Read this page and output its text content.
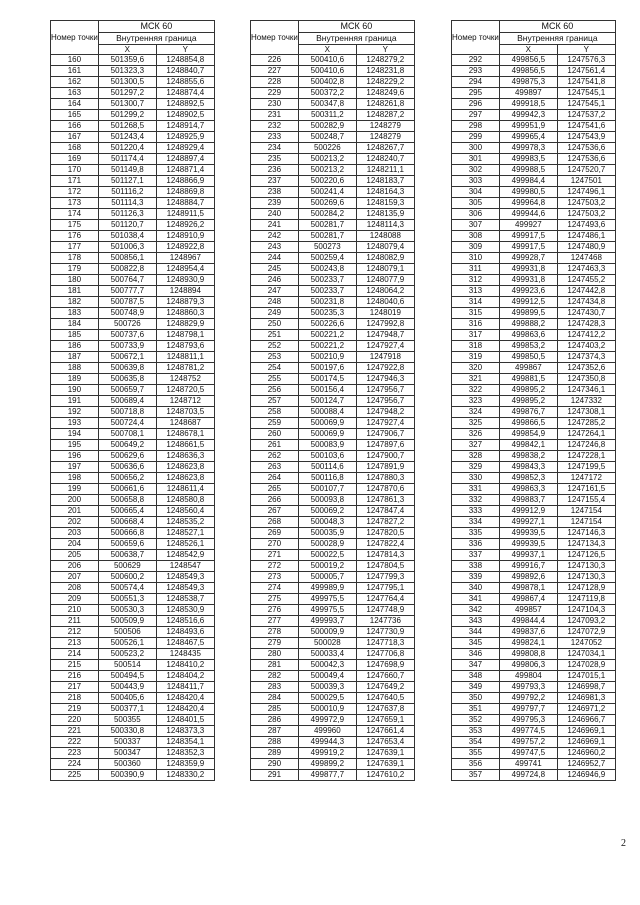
Номер точки	МСК 60	
	Внутренняя граница	
	X	Y
160	501359,6	1248854,8
161	501323,3	1248840,7
162	501300,5	1248855,6
163	501297,2	1248874,4
164	501300,7	1248892,5
165	501299,2	1248902,5
166	501268,5	1248914,7
167	501243,4	1248925,9
168	501220,4	1248929,4
169	501174,4	1248897,4
170	501149,8	1248871,4
171	501127,1	1248866,9
172	501116,2	1248869,8
173	501114,3	1248884,7
174	501126,3	1248911,5
175	501120,7	1248926,2
176	501038,4	1248910,9
177	501006,3	1248922,8
178	500856,1	1248967
179	500822,8	1248954,4
180	500764,7	1248930,9
181	500777,7	1248894
182	500787,5	1248879,3
183	500748,9	1248860,3
184	500726	1248829,9
185	500737,6	1248798,1
186	500733,9	1248793,6
187	500672,1	1248811,1
188	500639,8	1248781,2
189	500635,8	1248752
190	500659,7	1248720,5
191	500689,4	1248712
192	500718,8	1248703,5
193	500724,4	1248687
194	500708,1	1248678,1
195	500649,2	1248661,5
196	500629,6	1248636,3
197	500636,6	1248623,8
198	500656,2	1248623,8
199	500661,6	1248611,4
200	500658,8	1248580,8
201	500665,4	1248560,4
202	500668,4	1248535,2
203	500666,8	1248527,1
204	500659,6	1248526,1
205	500638,7	1248542,9
206	500629	1248547
207	500600,2	1248549,3
208	500574,4	1248549,3
209	500551,3	1248538,7
210	500530,3	1248530,9
211	500509,9	1248516,6
212	500506	1248493,6
213	500526,1	1248467,5
214	500523,2	1248435
215	500514	1248410,2
216	500494,5	1248404,2
217	500443,9	1248411,7
218	500405,6	1248420,4
219	500377,1	1248420,4
220	500355	1248401,5
221	500330,8	1248373,3
222	500337	1248354,1
223	500347	1248352,3
224	500360	1248359,9
225	500390,9	1248330,2
Номер точки	МСК 60	
	Внутренняя граница	
	X	Y
226	500410,6	1248279,2
227	500410,6	1248231,8
228	500402,8	1248229,2
229	500372,2	1248249,6
230	500347,8	1248261,8
231	500311,2	1248287,2
232	500282,9	1248279
233	500248,7	1248279
234	500226	1248267,7
235	500213,2	1248240,7
236	500213,2	1248211,1
237	500220,6	1248183,7
238	500241,4	1248164,3
239	500269,6	1248159,3
240	500284,2	1248135,9
241	500281,7	1248114,3
242	500281,7	1248088
243	500273	1248079,4
244	500259,4	1248082,9
245	500243,8	1248079,1
246	500233,7	1248077,9
247	500233,7	1248064,2
248	500231,8	1248040,6
249	500235,3	1248019
250	500226,6	1247992,8
251	500221,2	1247948,7
252	500221,2	1247927,4
253	500210,9	1247918
254	500197,6	1247922,8
255	500174,5	1247946,3
256	500156,4	1247956,7
257	500124,7	1247956,7
258	500088,4	1247948,2
259	500069,9	1247927,4
260	500069,9	1247906,7
261	500083,9	1247897,6
262	500103,6	1247900,7
263	500114,6	1247891,9
264	500116,8	1247880,3
265	500107,7	1247870,6
266	500093,8	1247861,3
267	500069,2	1247847,4
268	500048,3	1247827,2
269	500035,9	1247820,5
270	500028,9	1247822,4
271	500022,5	1247814,3
272	500019,2	1247804,5
273	500005,7	1247799,3
274	499989,9	1247795,1
275	499975,5	1247764,4
276	499975,5	1247748,9
277	499993,7	1247736
278	500009,9	1247730,9
279	500028	1247718,3
280	500033,4	1247706,8
281	500042,3	1247698,9
282	500049,4	1247660,7
283	500039,3	1247649,2
284	500029,5	1247640,5
285	500010,9	1247637,8
286	499972,9	1247659,1
287	499960	1247661,4
288	499944,3	1247653,4
289	499919,2	1247639,1
290	499899,2	1247639,1
291	499877,7	1247610,2
Номер точки	МСК 60	
	Внутренняя граница	
	X	Y
292	499856,5	1247576,3
293	499856,5	1247561,4
294	499875,3	1247541,8
295	499897	1247545,1
296	499918,5	1247545,1
297	499942,3	1247537,2
298	499951,9	1247541,6
299	499965,4	1247543,9
300	499978,3	1247536,6
301	499983,5	1247536,6
302	499988,5	1247520,7
303	499984,4	1247501
304	499980,5	1247496,1
305	499964,8	1247503,2
306	499944,6	1247503,2
307	499927	1247493,6
308	499917,5	1247486,1
309	499917,5	1247480,9
310	499928,7	1247468
311	499931,8	1247463,3
312	499931,8	1247455,2
313	499923,6	1247442,8
314	499912,5	1247434,8
315	499899,5	1247430,7
316	499888,2	1247428,3
317	499863,6	1247412,2
318	499853,2	1247403,2
319	499850,5	1247374,3
320	499867	1247352,6
321	499881,5	1247350,8
322	499895,2	1247346,1
323	499895,2	1247332
324	499876,7	1247308,1
325	499866,5	1247285,2
326	499854,9	1247264,1
327	499842,1	1247246,8
328	499838,2	1247228,1
329	499843,3	1247199,5
330	499852,3	1247172
331	499863,3	1247161,5
332	499883,7	1247155,4
333	499912,9	1247154
334	499927,1	1247154
335	499939,5	1247146,3
336	499939,5	1247134,3
337	499937,1	1247126,5
338	499916,7	1247130,3
339	499892,6	1247130,3
340	499878,1	1247128,9
341	499867,4	1247119,8
342	499857	1247104,3
343	499844,4	1247093,2
344	499837,6	1247072,9
345	499824,1	1247052
346	499808,8	1247034,1
347	499806,3	1247028,9
348	499804	1247015,1
349	499793,3	1246998,7
350	499792,2	1246981,3
351	499797,7	1246971,2
352	499795,3	1246966,7
353	499774,5	1246969,1
354	499757,2	1246969,1
355	499747,5	1246960,2
356	499741	1246952,7
357	499724,8	1246946,9
2
